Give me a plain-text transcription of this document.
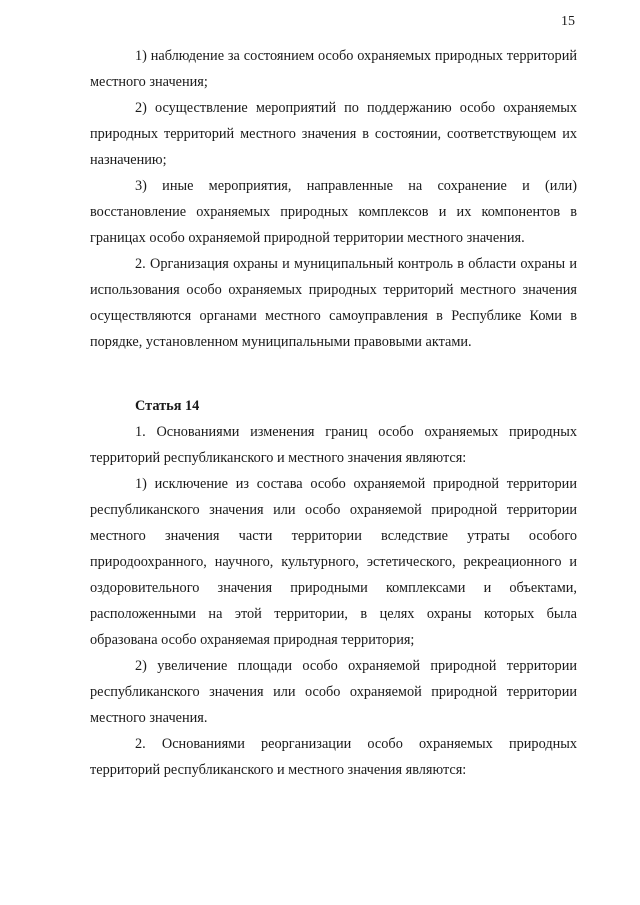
15

1) наблюдение за состоянием особо охраняемых природных территорий местного значения;

2) осуществление мероприятий по поддержанию особо охраняемых природных территорий местного значения в состоянии, соответствующем их назначению;

3) иные мероприятия, направленные на сохранение и (или) восстановление охраняемых природных комплексов и их компонентов в границах особо охраняемой природной территории местного значения.

2. Организация охраны и муниципальный контроль в области охраны и использования особо охраняемых природных территорий местного значения осуществляются органами местного самоуправления в Республике Коми в порядке, установленном муниципальными правовыми актами.

Статья 14

1. Основаниями изменения границ особо охраняемых природных территорий республиканского и местного значения являются:

1) исключение из состава особо охраняемой природной территории республиканского значения или особо охраняемой природной территории местного значения части территории вследствие утраты особого природоохранного, научного, культурного, эстетического, рекреационного и оздоровительного значения природными комплексами и объектами, расположенными на этой территории, в целях охраны которых была образована особо охраняемая природная территория;

2) увеличение площади особо охраняемой природной территории республиканского значения или особо охраняемой природной территории местного значения.

2. Основаниями реорганизации особо охраняемых природных территорий республиканского и местного значения являются:
